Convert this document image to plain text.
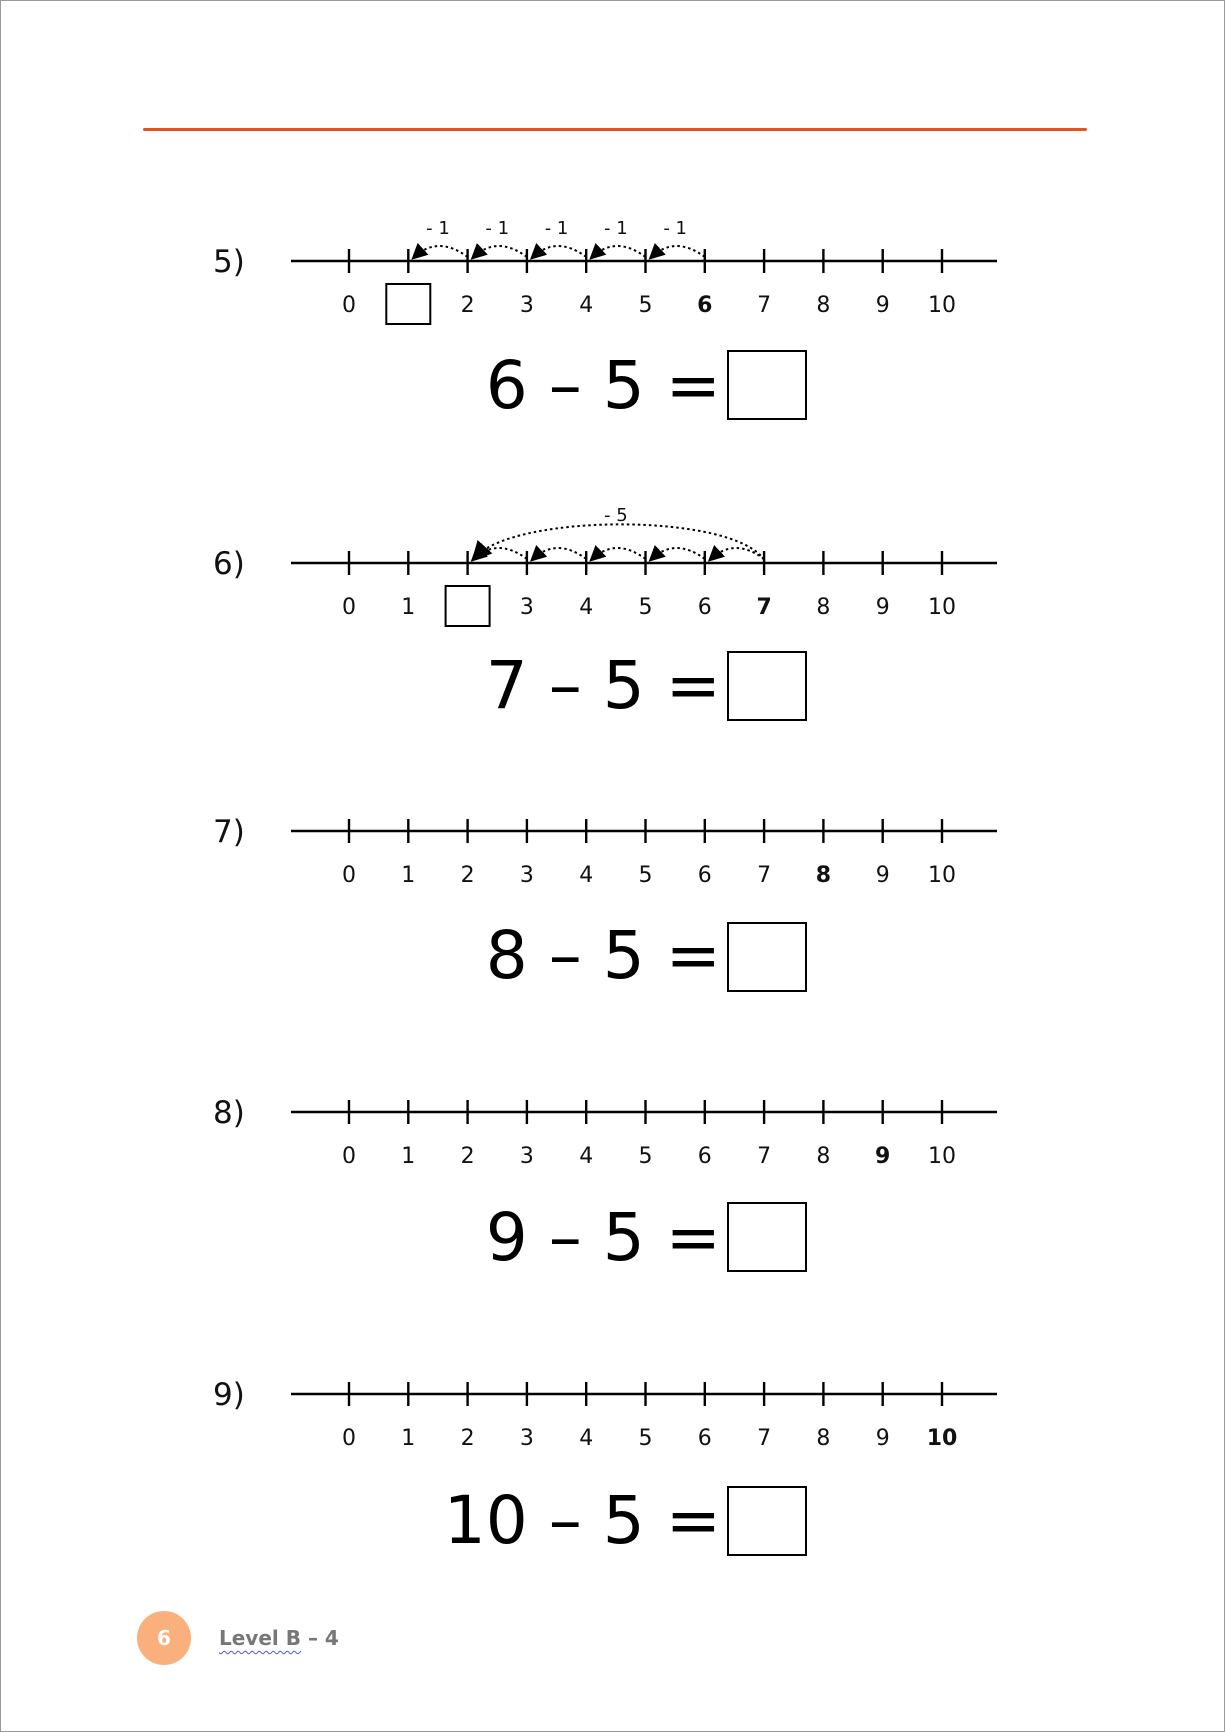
5)
0	2 3 4 5 6 7 8 9 10
- 1
- 1
- 1
- 1
- 1
6 – 5 =
6)
0 1	3 4 5 6 7 8 9 10
- 5
7 – 5 =
7)
0 1 2 3 4 5 6 7 8 9 10
8 – 5 =
8)
0 1 2 3 4 5 6 7 8 9 10
9 – 5 =
9)
0 1 2 3 4 5 6 7 8 9 10
10 – 5 =
6	Level B – 4
